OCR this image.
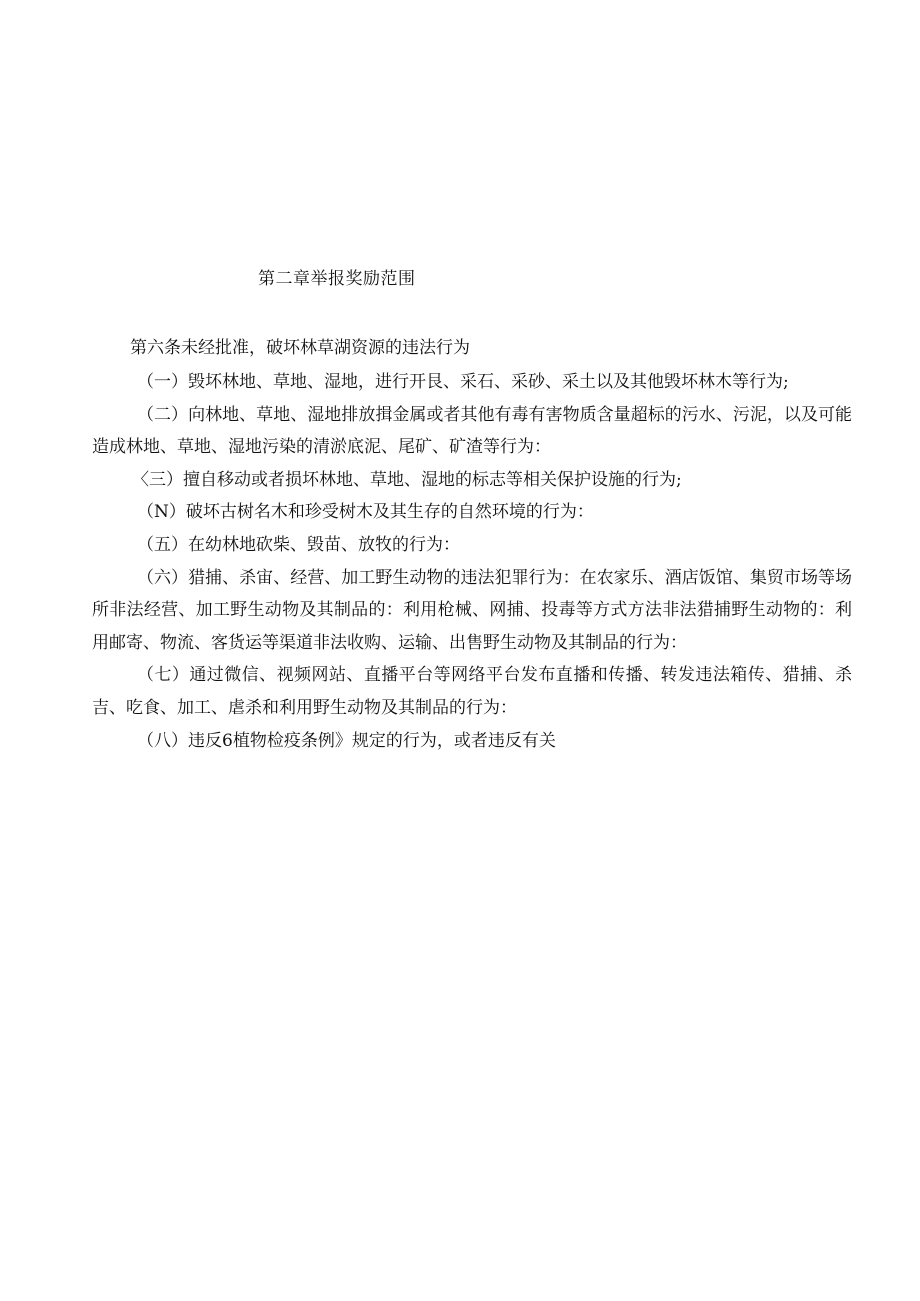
第二章举报奖励范围
第六条未经批准，破坏林草湖资源的违法行为

（一）毁坏林地、草地、湿地，进行开艮、采石、采砂、采土以及其他毁坏林木等行为;

（二）向林地、草地、湿地排放揖金属或者其他有毒有害物质含量超标的污水、污泥，以及可能造成林地、草地、湿地污染的清淤底泥、尾矿、矿渣等行为：

〈三）擅自移动或者损坏林地、草地、湿地的标志等相关保护设施的行为;

（N）破坏古树名木和珍受树木及其生存的自然环境的行为：

（五）在幼林地砍柴、毁苗、放牧的行为：

（六）猎捕、杀宙、经营、加工野生动物的违法犯罪行为：在农家乐、酒店饭馆、集贸市场等场所非法经营、加工野生动物及其制品的：利用枪械、网捕、投毒等方式方法非法猎捕野生动物的：利用邮寄、物流、客货运等渠道非法收购、运输、出售野生动物及其制品的行为：

（七）通过微信、视频网站、直播平台等网络平台发布直播和传播、转发违法箱传、猎捕、杀吉、吃食、加工、虐杀和利用野生动物及其制品的行为：

（八）违反6植物检疫条例》规定的行为，或者违反有关
